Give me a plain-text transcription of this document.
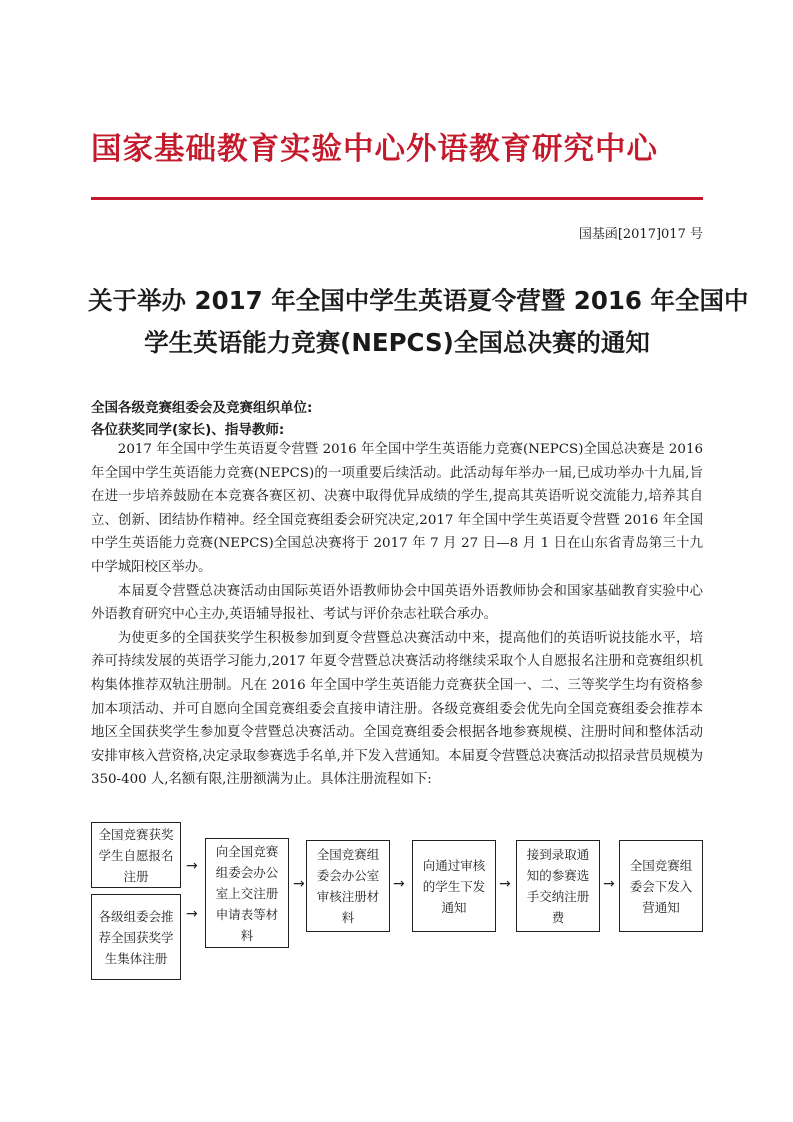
国家基础教育实验中心外语教育研究中心
国基函[2017]017 号
关于举办 2017 年全国中学生英语夏令营暨 2016 年全国中
学生英语能力竞赛(NEPCS)全国总决赛的通知
全国各级竞赛组委会及竞赛组织单位:
各位获奖同学(家长)、指导教师:

2017 年全国中学生英语夏令营暨 2016 年全国中学生英语能力竞赛(NEPCS)全国总决赛是 2016 年全国中学生英语能力竞赛(NEPCS)的一项重要后续活动。此活动每年举办一届,已成功举办十九届,旨在进一步培养鼓励在本竞赛各赛区初、决赛中取得优异成绩的学生,提高其英语听说交流能力,培养其自立、创新、团结协作精神。经全国竞赛组委会研究决定,2017 年全国中学生英语夏令营暨 2016 年全国中学生英语能力竞赛(NEPCS)全国总决赛将于 2017 年 7 月 27 日—8 月 1 日在山东省青岛第三十九中学城阳校区举办。

本届夏令营暨总决赛活动由国际英语外语教师协会中国英语外语教师协会和国家基础教育实验中心外语教育研究中心主办,英语辅导报社、考试与评价杂志社联合承办。

为使更多的全国获奖学生积极参加到夏令营暨总决赛活动中来，提高他们的英语听说技能水平，培养可持续发展的英语学习能力,2017 年夏令营暨总决赛活动将继续采取个人自愿报名注册和竞赛组织机构集体推荐双轨注册制。凡在 2016 年全国中学生英语能力竞赛获全国一、二、三等奖学生均有资格参加本项活动、并可自愿向全国竞赛组委会直接申请注册。各级竞赛组委会优先向全国竞赛组委会推荐本地区全国获奖学生参加夏令营暨总决赛活动。全国竞赛组委会根据各地参赛规模、注册时间和整体活动安排审核入营资格,决定录取参赛选手名单,并下发入营通知。本届夏令营暨总决赛活动拟招录营员规模为 350-400 人,名额有限,注册额满为止。具体注册流程如下:

全国竞赛获奖学生自愿报名注册
各级组委会推荐全国获奖学生集体注册
→
→
向全国竞赛组委会办公室上交注册申请表等材料
→
全国竞赛组委会办公室审核注册材料
→
向通过审核的学生下发通知
→
接到录取通知的参赛选手交纳注册费
→
全国竞赛组委会下发入营通知
